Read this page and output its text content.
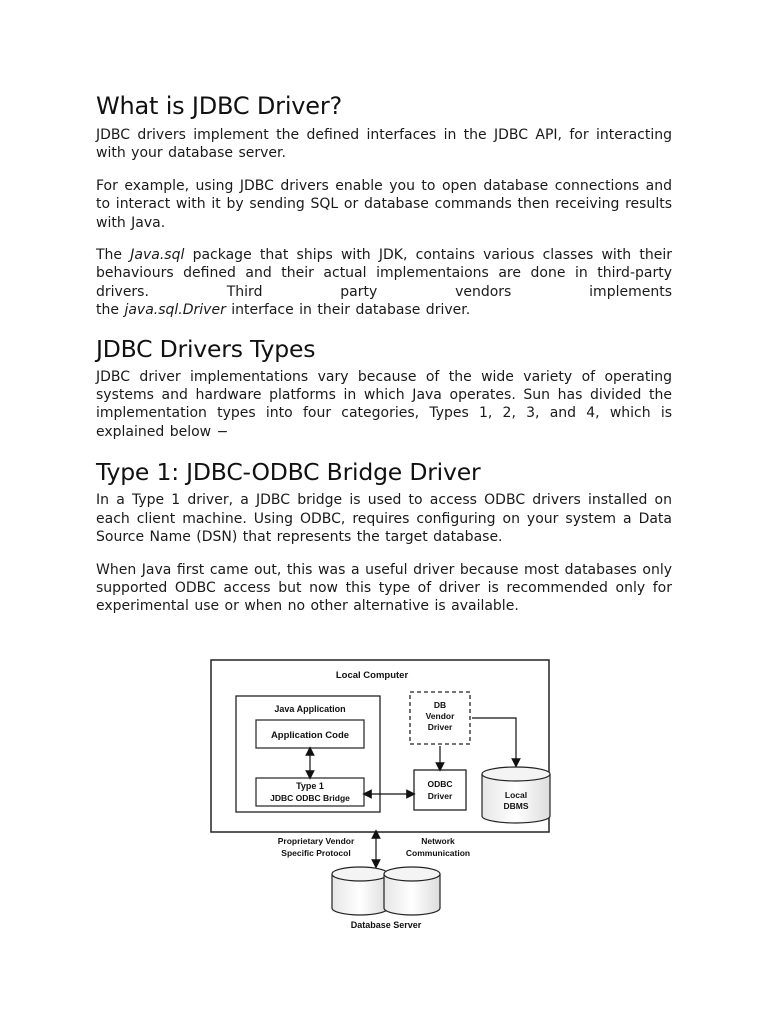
What is JDBC Driver?

JDBC drivers implement the defined interfaces in the JDBC API, for interacting with your database server.

For example, using JDBC drivers enable you to open database connections and to interact with it by sending SQL or database commands then receiving results with Java.

The Java.sql package that ships with JDK, contains various classes with their behaviours defined and their actual implementaions are done in third-party drivers. Third party vendors implements

the java.sql.Driver interface in their database driver.

JDBC Drivers Types

JDBC driver implementations vary because of the wide variety of operating systems and hardware platforms in which Java operates. Sun has divided the implementation types into four categories, Types 1, 2, 3, and 4, which is explained below −

Type 1: JDBC-ODBC Bridge Driver

In a Type 1 driver, a JDBC bridge is used to access ODBC drivers installed on each client machine. Using ODBC, requires configuring on your system a Data Source Name (DSN) that represents the target database.

When Java first came out, this was a useful driver because most databases only supported ODBC access but now this type of driver is recommended only for experimental use or when no other alternative is available.

Local Computer
Java Application
Application Code
Type 1
JDBC ODBC Bridge
DB
Vendor
Driver
ODBC
Driver	Local
DBMS
Proprietary Vendor
Specific Protocol
Network
Communication
Database Server
